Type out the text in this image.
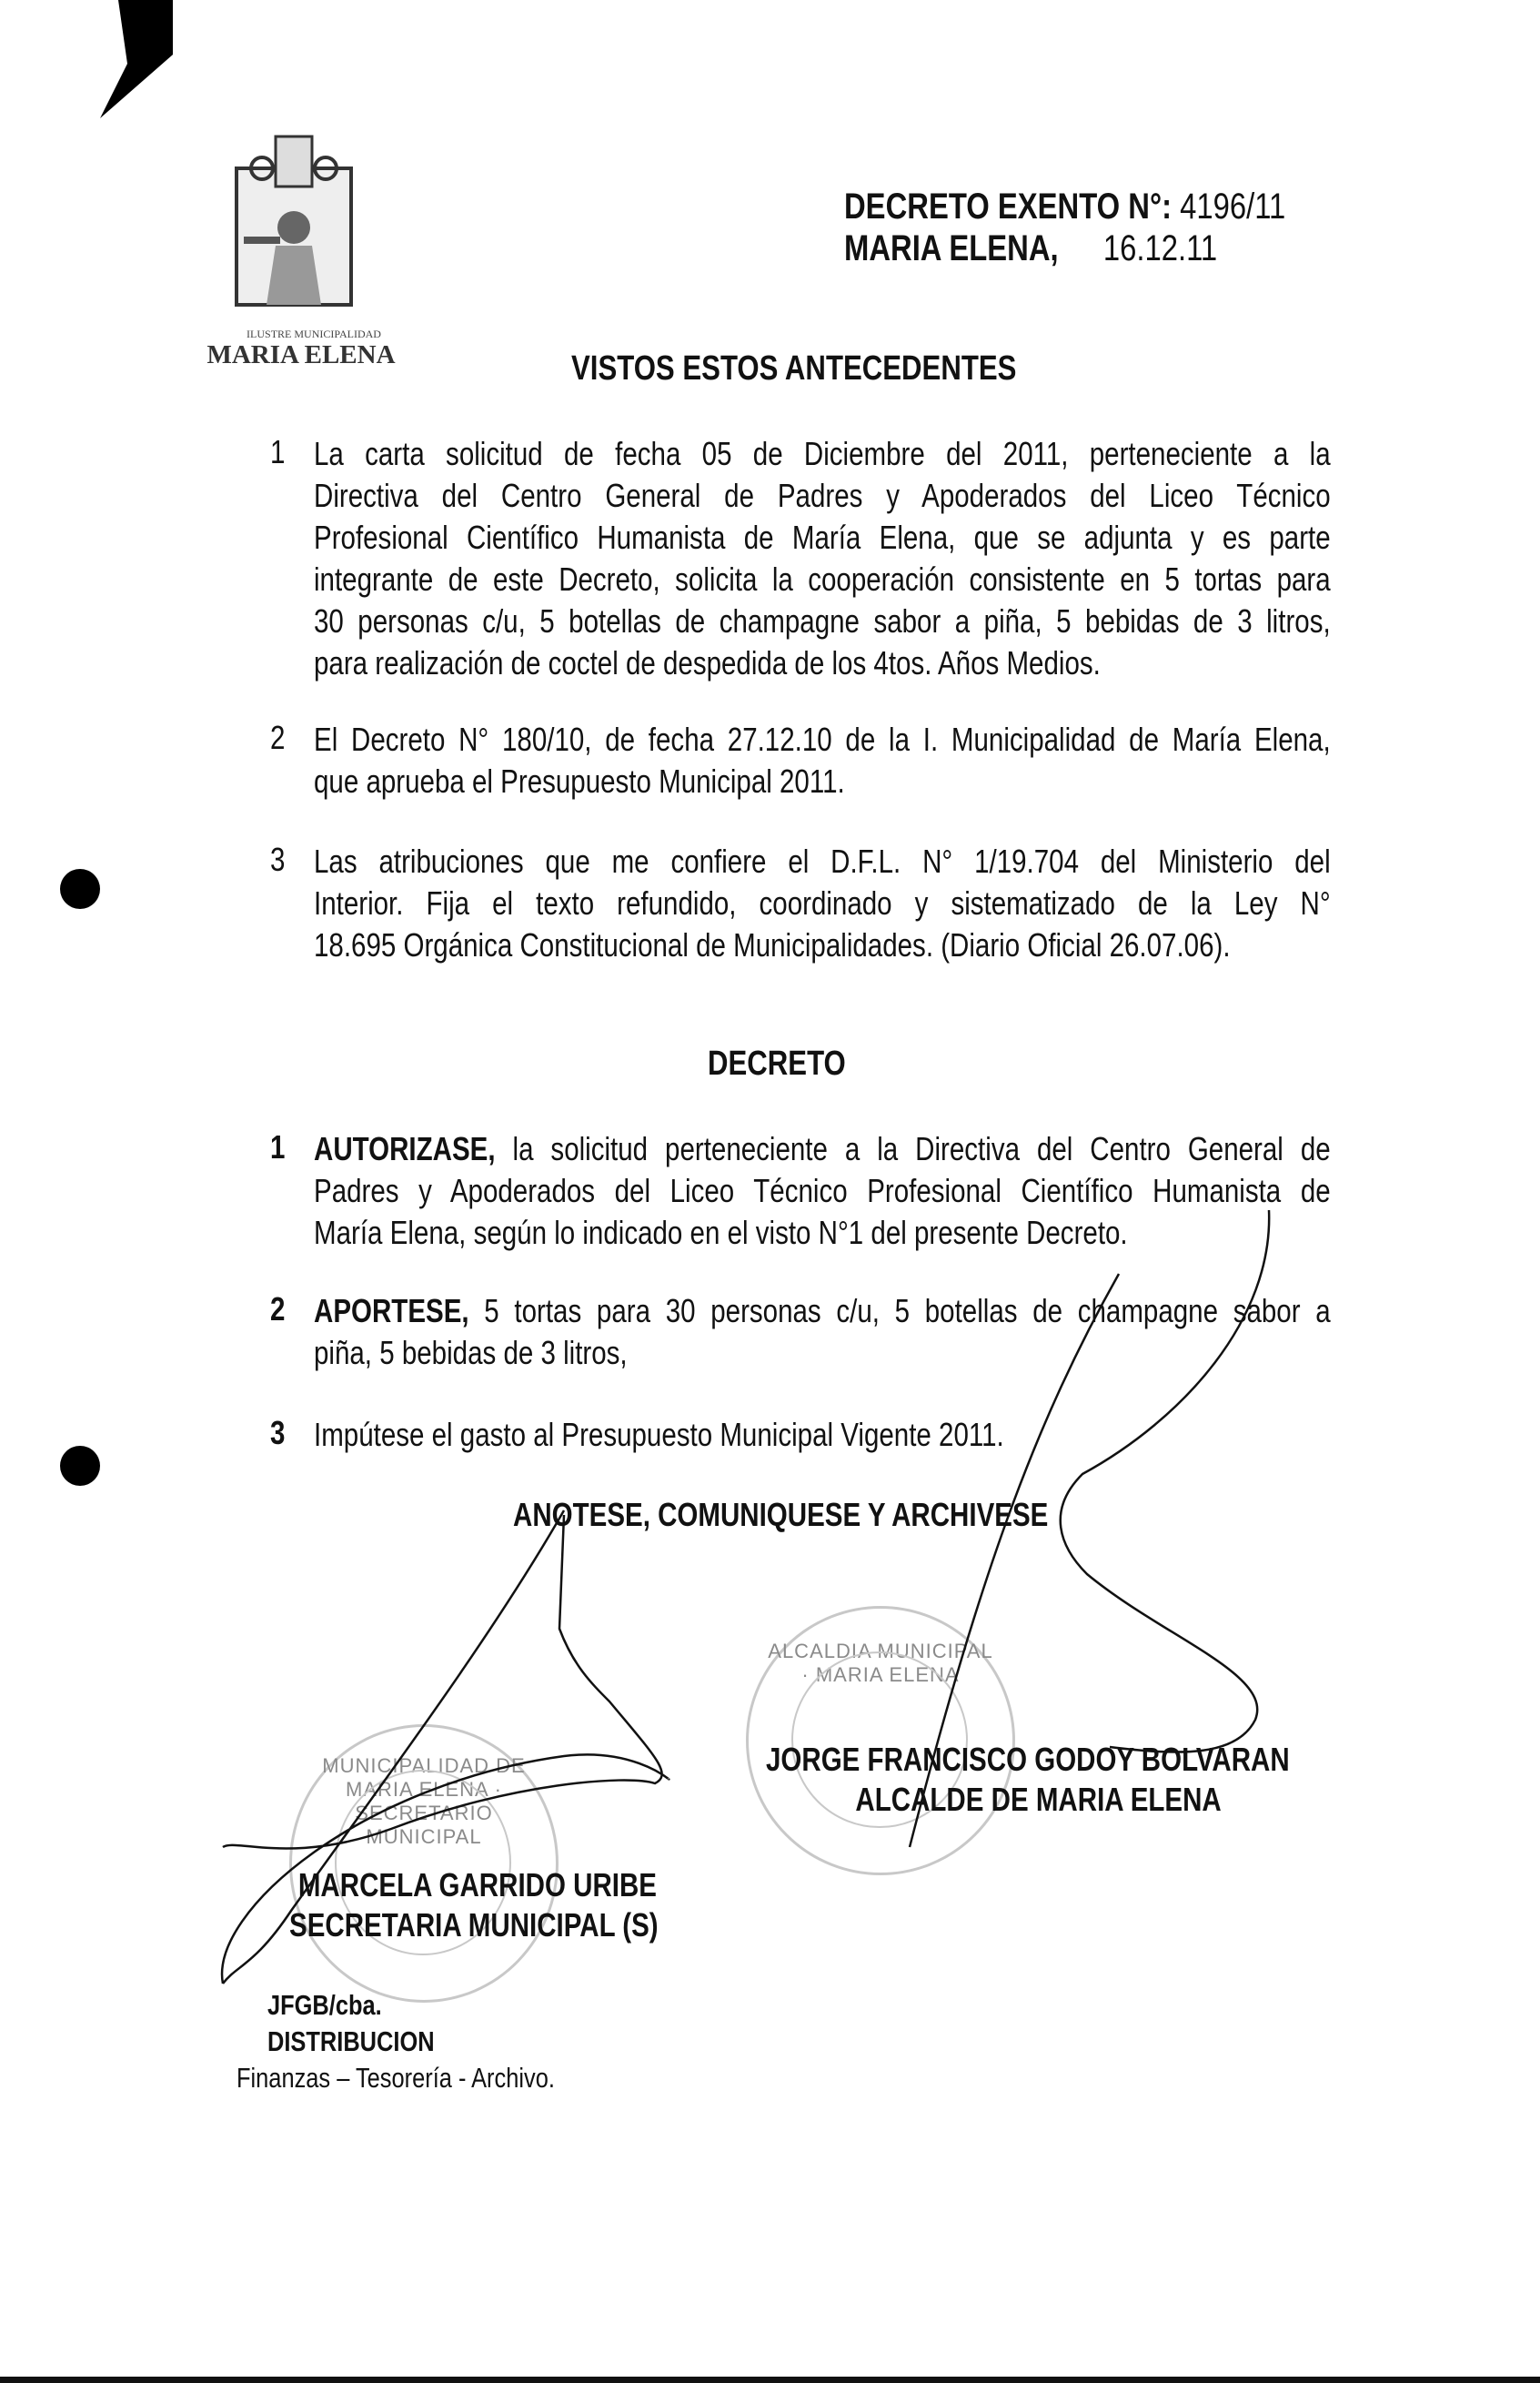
ILUSTRE MUNICIPALIDAD
MARIA ELENA
DECRETO EXENTO N°: 4196/11
MARIA ELENA, 16.12.11
VISTOS ESTOS ANTECEDENTES
1 La carta solicitud de fecha 05 de Diciembre del 2011, perteneciente a la
Directiva del Centro General de Padres y Apoderados del Liceo Técnico
Profesional Científico Humanista de María Elena, que se adjunta y es parte
integrante de este Decreto, solicita la cooperación consistente en 5 tortas para
30 personas c/u, 5 botellas de champagne sabor a piña, 5 bebidas de 3 litros,
para realización de coctel de despedida de los 4tos. Años Medios.
2 El Decreto N° 180/10, de fecha 27.12.10 de la I. Municipalidad de María Elena,
que aprueba el Presupuesto Municipal 2011.
3 Las atribuciones que me confiere el D.F.L. N° 1/19.704 del Ministerio del
Interior. Fija el texto refundido, coordinado y sistematizado de la Ley N°
18.695 Orgánica Constitucional de Municipalidades. (Diario Oficial 26.07.06).
DECRETO
1 AUTORIZASE, la solicitud perteneciente a la Directiva del Centro General de
Padres y Apoderados del Liceo Técnico Profesional Científico Humanista de
María Elena, según lo indicado en el visto N°1 del presente Decreto.
2 APORTESE, 5 tortas para 30 personas c/u, 5 botellas de champagne sabor a
piña, 5 bebidas de 3 litros,
3 Impútese el gasto al Presupuesto Municipal Vigente 2011.
ANOTESE, COMUNIQUESE Y ARCHIVESE
ALCALDIA MUNICIPAL · MARIA ELENA
MUNICIPALIDAD DE MARIA ELENA · SECRETARIO MUNICIPAL
JORGE FRANCISCO GODOY BOLVARAN
ALCALDE DE MARIA ELENA
MARCELA GARRIDO URIBE
SECRETARIA MUNICIPAL (S)
JFGB/cba.
DISTRIBUCION
Finanzas – Tesorería - Archivo.
